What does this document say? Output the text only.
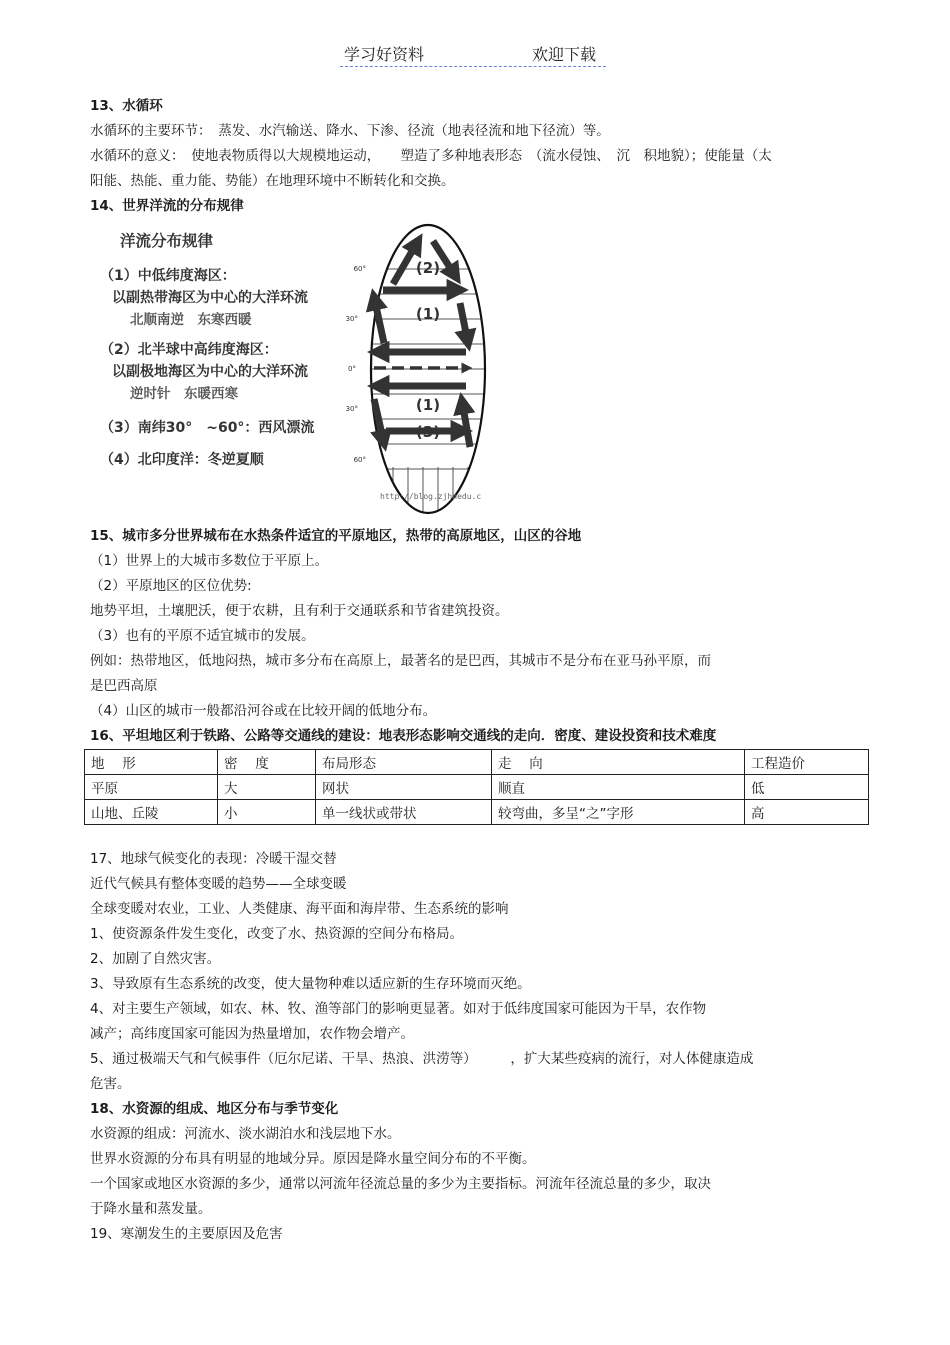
学习好资料	欢迎下载
13、水循环
水循环的主要环节：　蒸发、水汽输送、降水、下渗、径流（地表径流和地下径流）等。
水循环的意义：　使地表物质得以大规模地运动，　　塑造了多种地表形态　（流水侵蚀、　沉　积地貌）；使能量（太
阳能、热能、重力能、势能）在地理环境中不断转化和交换。
14、世界洋流的分布规律
洋流分布规律
（1）中低纬度海区：
以副热带海区为中心的大洋环流
北顺南逆　东寒西暖
（2）北半球中高纬度海区：
以副极地海区为中心的大洋环流
逆时针　东暖西寒
（3）南纬30°　~60°：西风漂流
（4）北印度洋：冬逆夏顺
(2)
(1)
(1)
(3)
60°
30°
0°
30°
60°
http://blog.zjhnedu.c
15、城市多分世界城布在水热条件适宜的平原地区，热带的高原地区，山区的谷地
（1）世界上的大城市多数位于平原上。
（2）平原地区的区位优势:
地势平坦，土壤肥沃，便于农耕，且有利于交通联系和节省建筑投资。
（3）也有的平原不适宜城市的发展。
例如：热带地区，低地闷热，城市多分布在高原上，最著名的是巴西，其城市不是分布在亚马孙平原，而
是巴西高原
（4）山区的城市一般都沿河谷或在比较开阔的低地分布。
16、平坦地区利于铁路、公路等交通线的建设：地表形态影响交通线的走向．密度、建设投资和技术难度
地　 形	密　 度	布局形态	走　 向	工程造价
平原	大	网状	顺直	低
山地、丘陵	小	单一线状或带状	较弯曲，多呈“之”字形	高
17、地球气候变化的表现：冷暖干湿交替
近代气候具有整体变暖的趋势——全球变暖
全球变暖对农业，工业、人类健康、海平面和海岸带、生态系统的影响
1、使资源条件发生变化，改变了水、热资源的空间分布格局。
2、加剧了自然灾害。
3、导致原有生态系统的改变，使大量物种难以适应新的生存环境而灭绝。
4、对主要生产领域，如农、林、牧、渔等部门的影响更显著。如对于低纬度国家可能因为干旱，农作物
减产；高纬度国家可能因为热量增加，农作物会增产。
5、通过极端天气和气候事件（厄尔尼诺、干旱、热浪、洪涝等）　　　，扩大某些疫病的流行，对人体健康造成
危害。
18、水资源的组成、地区分布与季节变化
水资源的组成：河流水、淡水湖泊水和浅层地下水。
世界水资源的分布具有明显的地域分异。原因是降水量空间分布的不平衡。
一个国家或地区水资源的多少，通常以河流年径流总量的多少为主要指标。河流年径流总量的多少，取决
于降水量和蒸发量。
19、寒潮发生的主要原因及危害
